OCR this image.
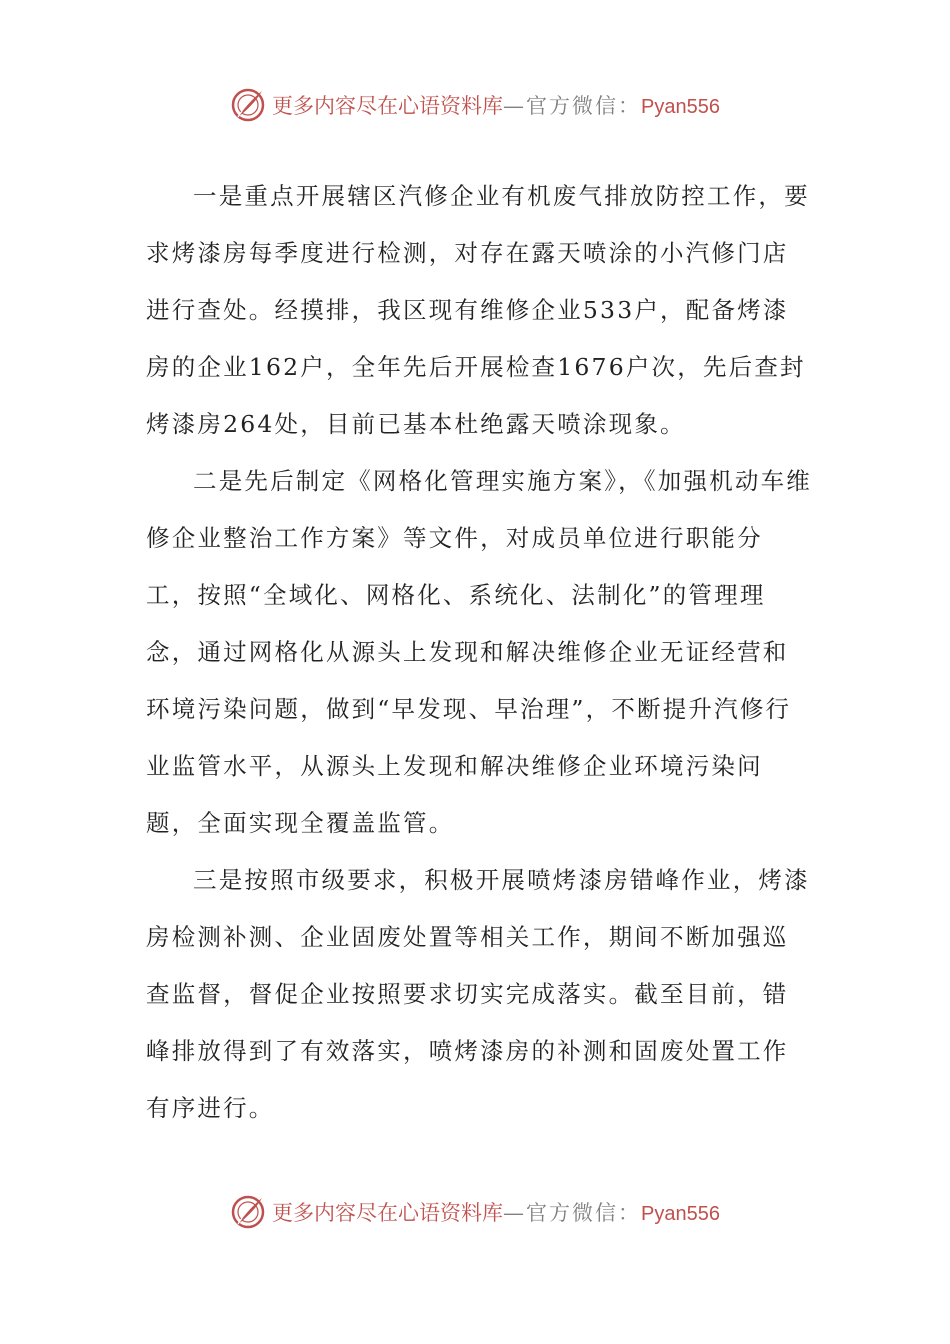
更多内容尽在心语资料库—官方微信：Pyan556

一是重点开展辖区汽修企业有机废气排放防控工作，要求烤漆房每季度进行检测，对存在露天喷涂的小汽修门店进行查处。经摸排，我区现有维修企业533户，配备烤漆房的企业162户，全年先后开展检查1676户次，先后查封烤漆房264处，目前已基本杜绝露天喷涂现象。

二是先后制定《网格化管理实施方案》，《加强机动车维修企业整治工作方案》等文件，对成员单位进行职能分工，按照“全域化、网格化、系统化、法制化”的管理理念，通过网格化从源头上发现和解决维修企业无证经营和环境污染问题，做到“早发现、早治理”，不断提升汽修行业监管水平，从源头上发现和解决维修企业环境污染问题，全面实现全覆盖监管。

三是按照市级要求，积极开展喷烤漆房错峰作业，烤漆房检测补测、企业固废处置等相关工作，期间不断加强巡查监督，督促企业按照要求切实完成落实。截至目前，错峰排放得到了有效落实，喷烤漆房的补测和固废处置工作有序进行。

更多内容尽在心语资料库—官方微信：Pyan556
